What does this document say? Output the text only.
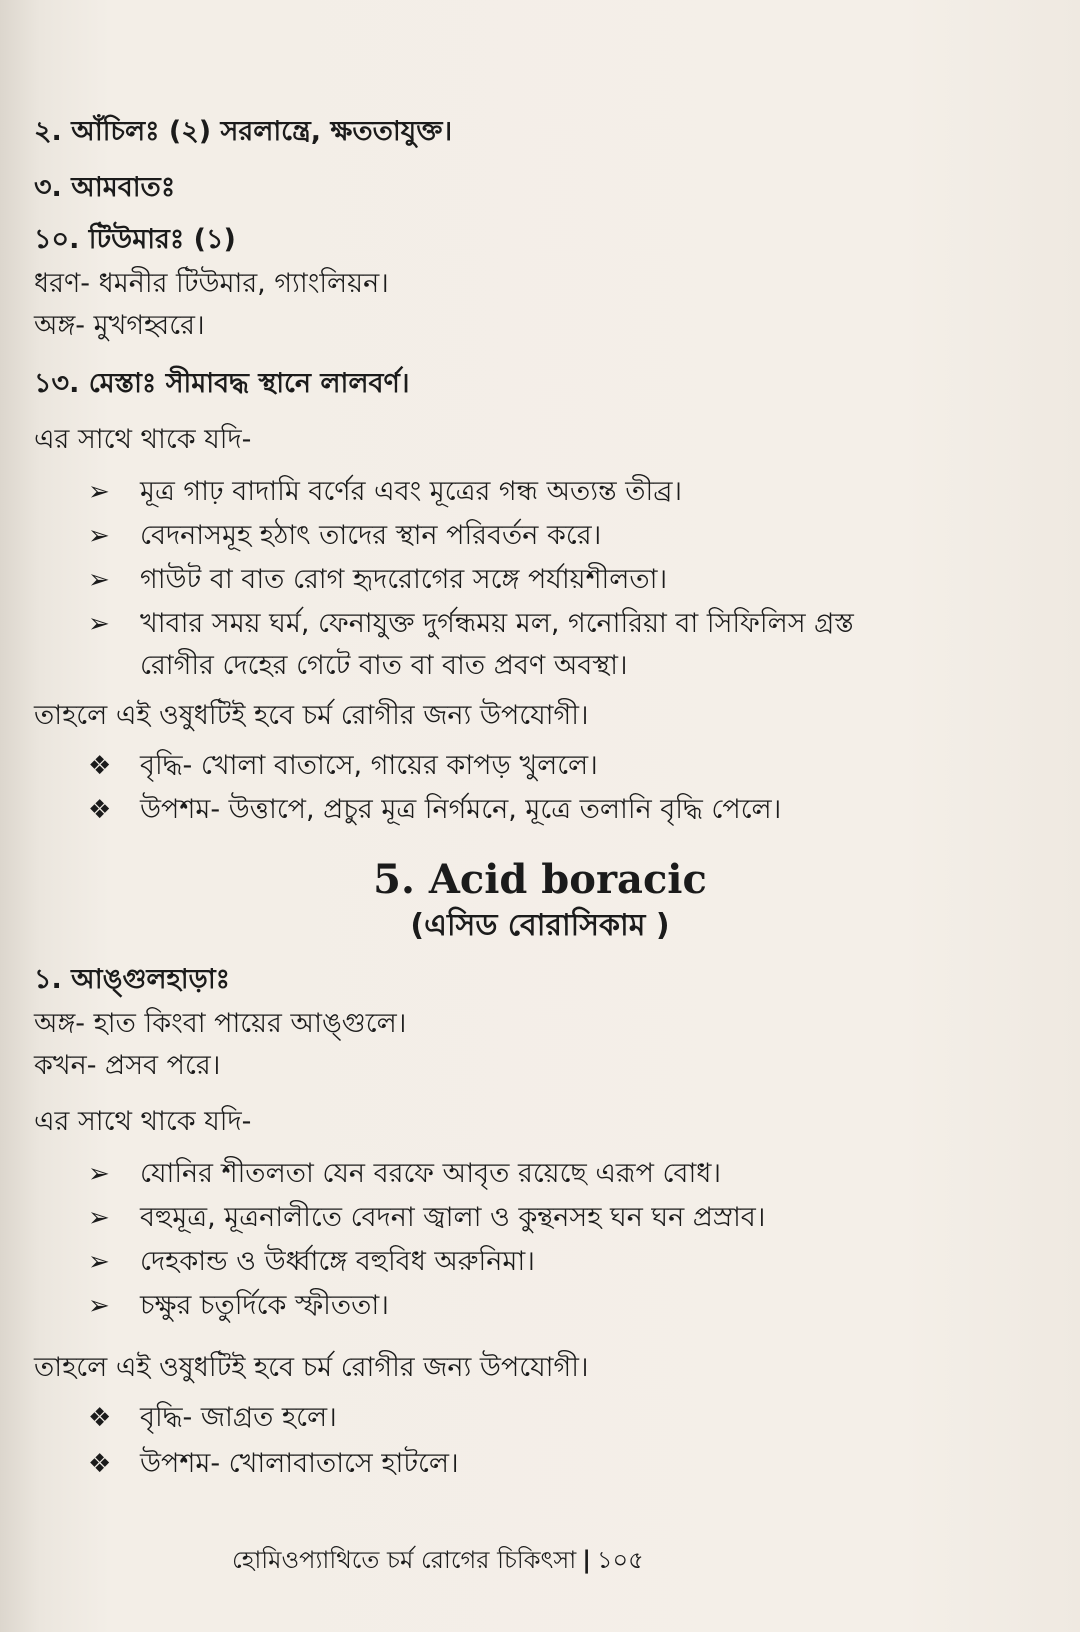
২. আঁচিলঃ (২) সরলান্ত্রে, ক্ষততাযুক্ত।
৩. আমবাতঃ
১০. টিউমারঃ (১)
ধরণ- ধমনীর টিউমার, গ্যাংলিয়ন।
অঙ্গ- মুখগহ্বরে।
১৩. মেস্তাঃ সীমাবদ্ধ স্থানে লালবর্ণ।
এর সাথে থাকে যদি-
➢ মূত্র গাঢ় বাদামি বর্ণের এবং মূত্রের গন্ধ অত্যন্ত তীব্র।
➢ বেদনাসমূহ হঠাৎ তাদের স্থান পরিবর্তন করে।
➢ গাউট বা বাত রোগ হৃদরোগের সঙ্গে পর্যায়শীলতা।
➢ খাবার সময় ঘর্ম, ফেনাযুক্ত দুর্গন্ধময় মল, গনোরিয়া বা সিফিলিস গ্রস্ত
রোগীর দেহের গেটে বাত বা বাত প্রবণ অবস্থা।
তাহলে এই ওষুধটিই হবে চর্ম রোগীর জন্য উপযোগী।
❖ বৃদ্ধি- খোলা বাতাসে, গায়ের কাপড় খুললে।
❖ উপশম- উত্তাপে, প্রচুর মূত্র নির্গমনে, মূত্রে তলানি বৃদ্ধি পেলে।
5. Acid boracic
(এসিড বোরাসিকাম )
১. আঙ্গুলহাড়াঃ
অঙ্গ- হাত কিংবা পায়ের আঙ্গুলে।
কখন- প্রসব পরে।
এর সাথে থাকে যদি-
➢ যোনির শীতলতা যেন বরফে আবৃত রয়েছে এরূপ বোধ।
➢ বহুমূত্র, মূত্রনালীতে বেদনা জ্বালা ও কুন্থনসহ ঘন ঘন প্রস্রাব।
➢ দেহকান্ড ও উর্ধ্বাঙ্গে বহুবিধ অরুনিমা।
➢ চক্ষুর চতুর্দিকে স্ফীততা।
তাহলে এই ওষুধটিই হবে চর্ম রোগীর জন্য উপযোগী।
❖ বৃদ্ধি- জাগ্রত হলে।
❖ উপশম- খোলাবাতাসে হাটলে।
হোমিওপ্যাথিতে চর্ম রোগের চিকিৎসা | ১০৫
